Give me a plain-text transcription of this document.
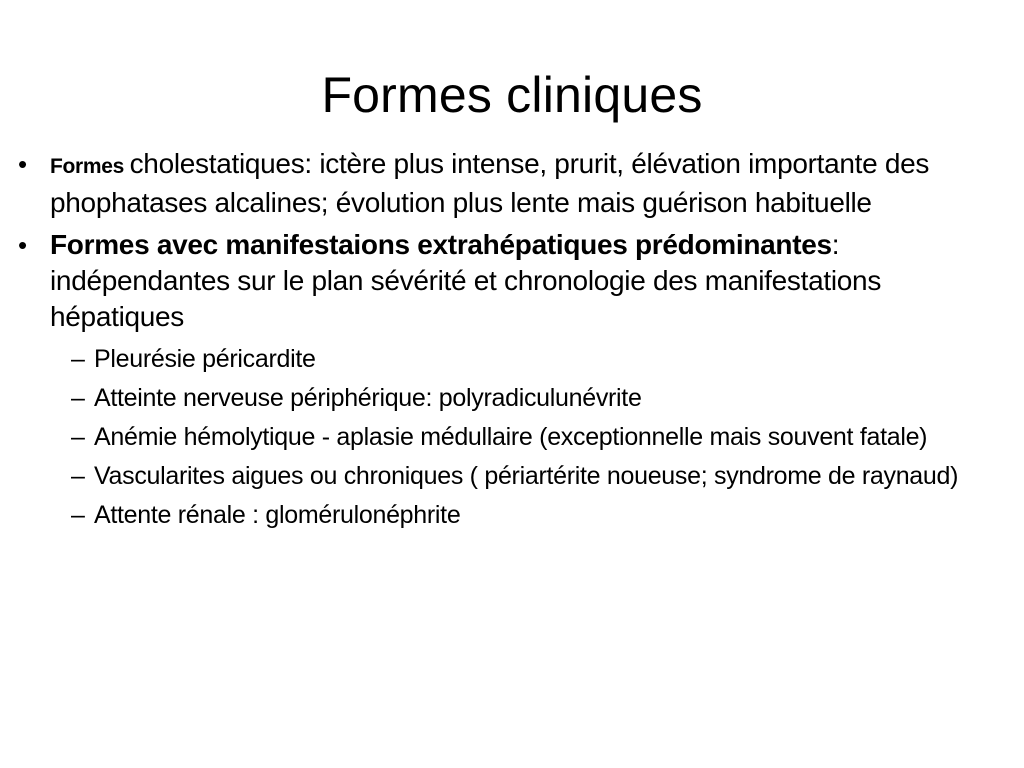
Formes cliniques
• Formes cholestatiques: ictère plus intense, prurit, élévation importante des phophatases alcalines; évolution plus lente mais guérison habituelle
• Formes avec manifestaions extrahépatiques prédominantes: indépendantes sur le plan sévérité et chronologie des manifestations hépatiques
– Pleurésie péricardite
– Atteinte nerveuse périphérique: polyradiculunévrite
– Anémie hémolytique - aplasie médullaire (exceptionnelle mais souvent fatale)
– Vascularites aigues ou chroniques ( périartérite noueuse; syndrome de raynaud)
– Attente rénale : glomérulonéphrite
